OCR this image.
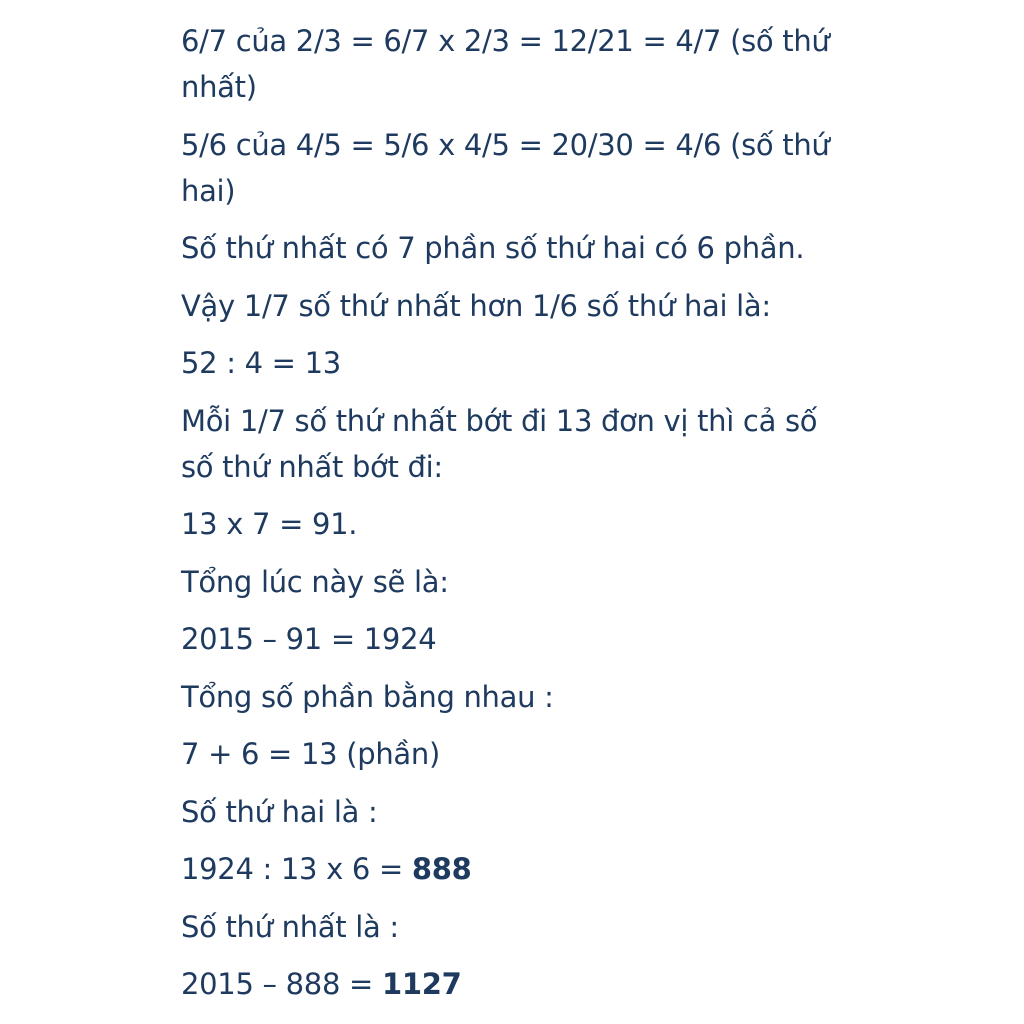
6/7 của 2/3 = 6/7 x 2/3 = 12/21 = 4/7 (số thứ nhất)

5/6 của 4/5 = 5/6 x 4/5 = 20/30 = 4/6 (số thứ hai)

Số thứ nhất có 7 phần số thứ hai có 6 phần.

Vậy 1/7 số thứ nhất hơn 1/6 số thứ hai là:

52 : 4 = 13

Mỗi 1/7 số thứ nhất bớt đi 13 đơn vị thì cả số số thứ nhất bớt đi:

13 x 7 = 91.

Tổng lúc này sẽ là:

2015 – 91 = 1924

Tổng số phần bằng nhau :

7 + 6 = 13 (phần)

Số thứ hai là :

1924 : 13 x 6 = 888

Số thứ nhất là :

2015 – 888 = 1127
